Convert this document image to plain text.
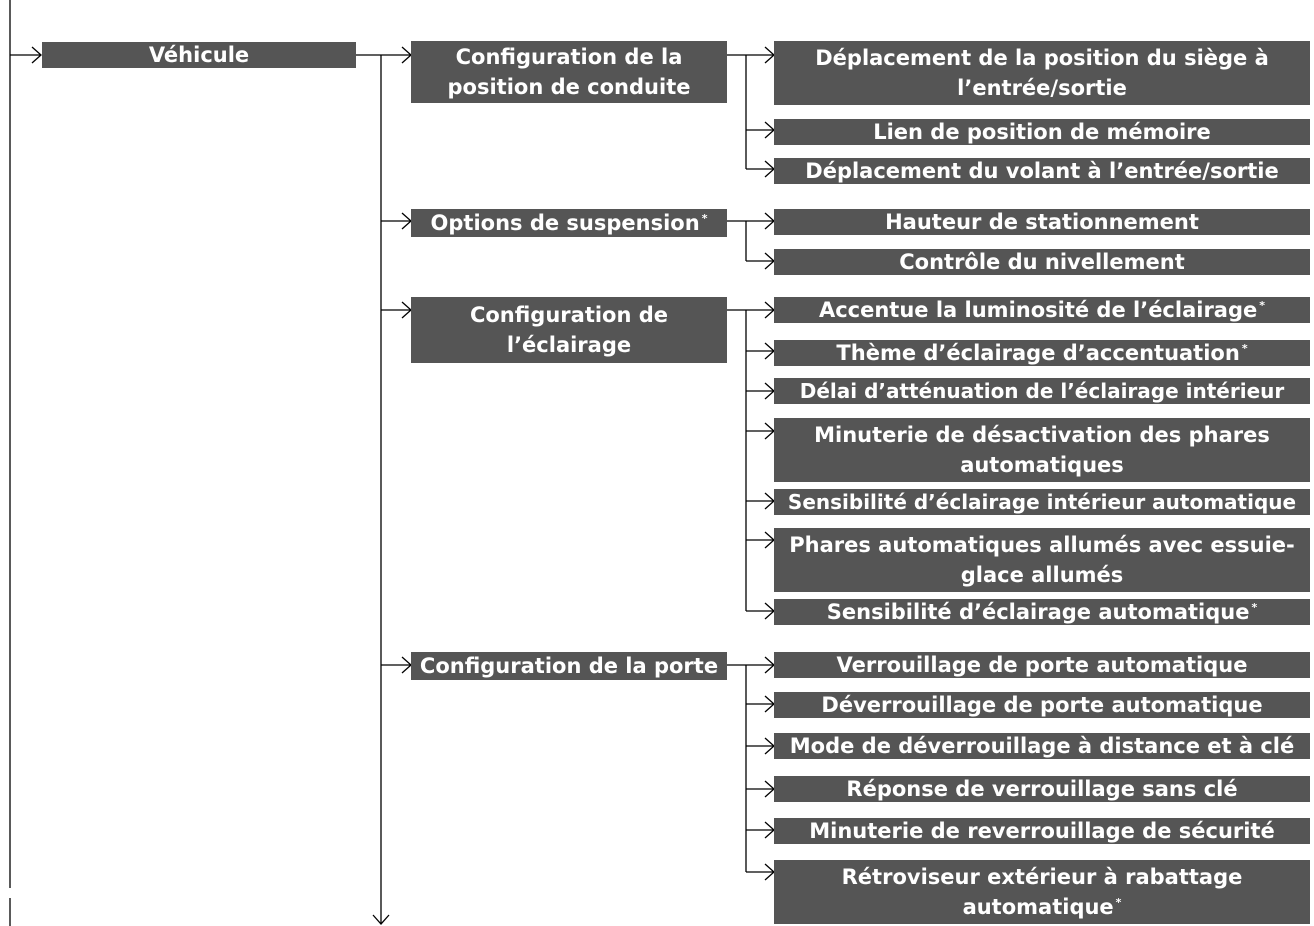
Véhicule	Configuration de la position de conduite
Déplacement de la position du siège à l’entrée/sortie
Lien de position de mémoire
Déplacement du volant à l’entrée/sortie
Options de suspension *	Hauteur de stationnement
Contrôle du nivellement
Configuration de l’éclairage
Accentue la luminosité de l’éclairage *
Thème d’éclairage d’accentuation *
Délai d’atténuation de l’éclairage intérieur
Minuterie de désactivation des phares automatiques
Sensibilité d’éclairage intérieur automatique
Phares automatiques allumés avec essuie-glace allumés
Sensibilité d’éclairage automatique *
Configuration de la porte	Verrouillage de porte automatique
Déverrouillage de porte automatique
Mode de déverrouillage à distance et à clé
Réponse de verrouillage sans clé
Minuterie de reverrouillage de sécurité
Rétroviseur extérieur à rabattage automatique *
